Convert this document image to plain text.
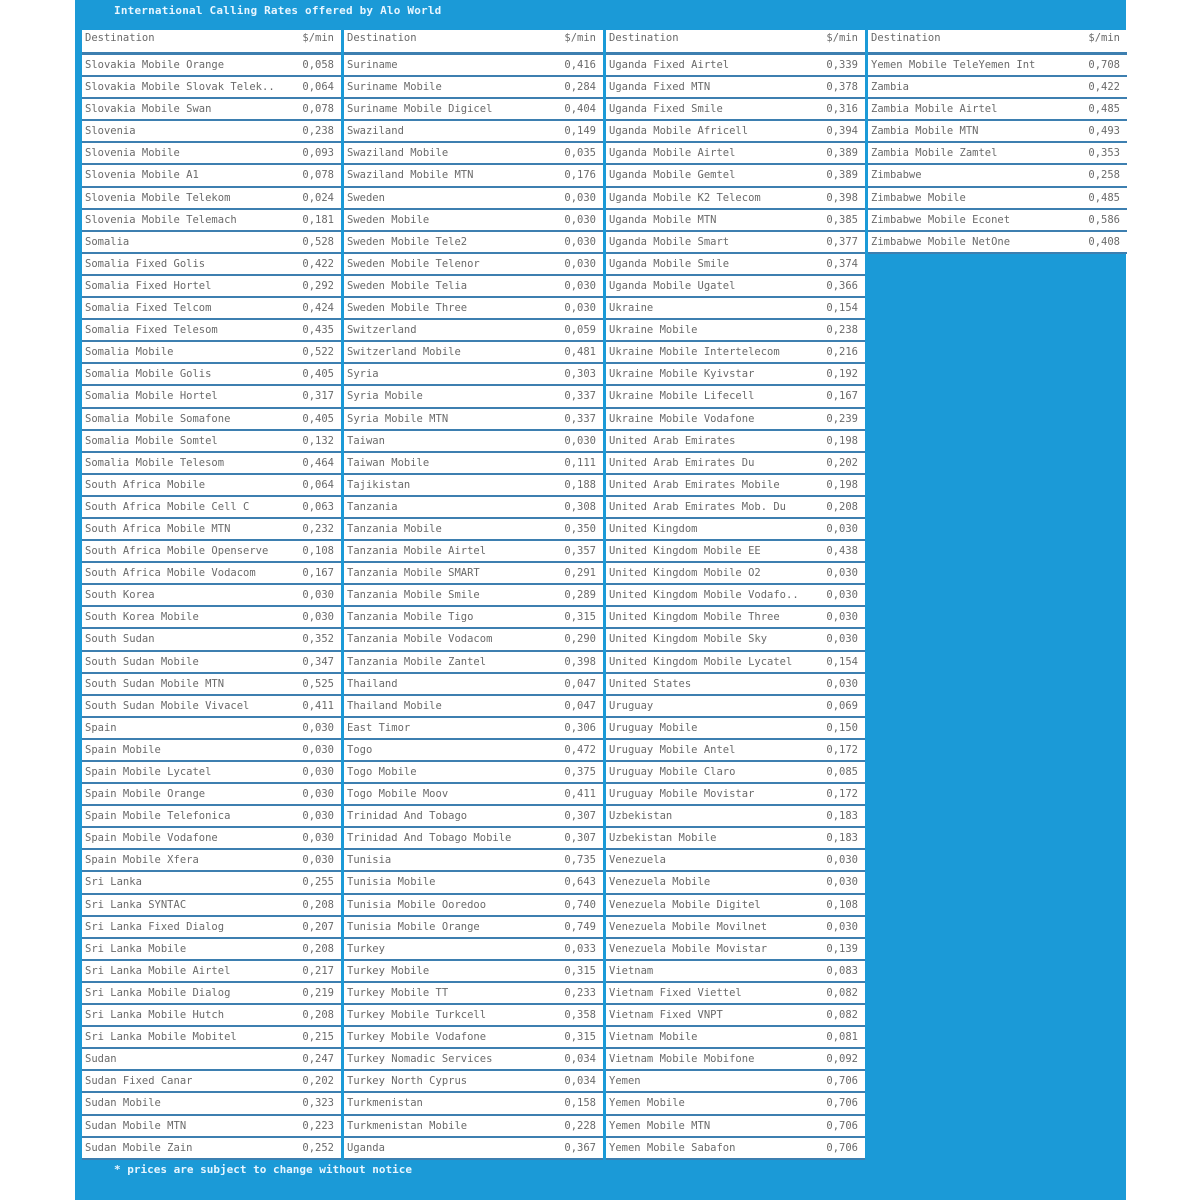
International Calling Rates offered by Alo World
Destination	$/min
Slovakia Mobile Orange	0,058
Slovakia Mobile Slovak Telek..	0,064
Slovakia Mobile Swan	0,078
Slovenia	0,238
Slovenia Mobile	0,093
Slovenia Mobile A1	0,078
Slovenia Mobile Telekom	0,024
Slovenia Mobile Telemach	0,181
Somalia	0,528
Somalia Fixed Golis	0,422
Somalia Fixed Hortel	0,292
Somalia Fixed Telcom	0,424
Somalia Fixed Telesom	0,435
Somalia Mobile	0,522
Somalia Mobile Golis	0,405
Somalia Mobile Hortel	0,317
Somalia Mobile Somafone	0,405
Somalia Mobile Somtel	0,132
Somalia Mobile Telesom	0,464
South Africa Mobile	0,064
South Africa Mobile Cell C	0,063
South Africa Mobile MTN	0,232
South Africa Mobile Openserve	0,108
South Africa Mobile Vodacom	0,167
South Korea	0,030
South Korea Mobile	0,030
South Sudan	0,352
South Sudan Mobile	0,347
South Sudan Mobile MTN	0,525
South Sudan Mobile Vivacel	0,411
Spain	0,030
Spain Mobile	0,030
Spain Mobile Lycatel	0,030
Spain Mobile Orange	0,030
Spain Mobile Telefonica	0,030
Spain Mobile Vodafone	0,030
Spain Mobile Xfera	0,030
Sri Lanka	0,255
Sri Lanka SYNTAC	0,208
Sri Lanka Fixed Dialog	0,207
Sri Lanka Mobile	0,208
Sri Lanka Mobile Airtel	0,217
Sri Lanka Mobile Dialog	0,219
Sri Lanka Mobile Hutch	0,208
Sri Lanka Mobile Mobitel	0,215
Sudan	0,247
Sudan Fixed Canar	0,202
Sudan Mobile	0,323
Sudan Mobile MTN	0,223
Sudan Mobile Zain	0,252
Destination	$/min
Suriname	0,416
Suriname Mobile	0,284
Suriname Mobile Digicel	0,404
Swaziland	0,149
Swaziland Mobile	0,035
Swaziland Mobile MTN	0,176
Sweden	0,030
Sweden Mobile	0,030
Sweden Mobile Tele2	0,030
Sweden Mobile Telenor	0,030
Sweden Mobile Telia	0,030
Sweden Mobile Three	0,030
Switzerland	0,059
Switzerland Mobile	0,481
Syria	0,303
Syria Mobile	0,337
Syria Mobile MTN	0,337
Taiwan	0,030
Taiwan Mobile	0,111
Tajikistan	0,188
Tanzania	0,308
Tanzania Mobile	0,350
Tanzania Mobile Airtel	0,357
Tanzania Mobile SMART	0,291
Tanzania Mobile Smile	0,289
Tanzania Mobile Tigo	0,315
Tanzania Mobile Vodacom	0,290
Tanzania Mobile Zantel	0,398
Thailand	0,047
Thailand Mobile	0,047
East Timor	0,306
Togo	0,472
Togo Mobile	0,375
Togo Mobile Moov	0,411
Trinidad And Tobago	0,307
Trinidad And Tobago Mobile	0,307
Tunisia	0,735
Tunisia Mobile	0,643
Tunisia Mobile Ooredoo	0,740
Tunisia Mobile Orange	0,749
Turkey	0,033
Turkey Mobile	0,315
Turkey Mobile TT	0,233
Turkey Mobile Turkcell	0,358
Turkey Mobile Vodafone	0,315
Turkey Nomadic Services	0,034
Turkey North Cyprus	0,034
Turkmenistan	0,158
Turkmenistan Mobile	0,228
Uganda	0,367
Destination	$/min
Uganda Fixed Airtel	0,339
Uganda Fixed MTN	0,378
Uganda Fixed Smile	0,316
Uganda Mobile Africell	0,394
Uganda Mobile Airtel	0,389
Uganda Mobile Gemtel	0,389
Uganda Mobile K2 Telecom	0,398
Uganda Mobile MTN	0,385
Uganda Mobile Smart	0,377
Uganda Mobile Smile	0,374
Uganda Mobile Ugatel	0,366
Ukraine	0,154
Ukraine Mobile	0,238
Ukraine Mobile Intertelecom	0,216
Ukraine Mobile Kyivstar	0,192
Ukraine Mobile Lifecell	0,167
Ukraine Mobile Vodafone	0,239
United Arab Emirates	0,198
United Arab Emirates Du	0,202
United Arab Emirates Mobile	0,198
United Arab Emirates Mob. Du	0,208
United Kingdom	0,030
United Kingdom Mobile EE	0,438
United Kingdom Mobile O2	0,030
United Kingdom Mobile Vodafo..	0,030
United Kingdom Mobile Three	0,030
United Kingdom Mobile Sky	0,030
United Kingdom Mobile Lycatel	0,154
United States	0,030
Uruguay	0,069
Uruguay Mobile	0,150
Uruguay Mobile Antel	0,172
Uruguay Mobile Claro	0,085
Uruguay Mobile Movistar	0,172
Uzbekistan	0,183
Uzbekistan Mobile	0,183
Venezuela	0,030
Venezuela Mobile	0,030
Venezuela Mobile Digitel	0,108
Venezuela Mobile Movilnet	0,030
Venezuela Mobile Movistar	0,139
Vietnam	0,083
Vietnam Fixed Viettel	0,082
Vietnam Fixed VNPT	0,082
Vietnam Mobile	0,081
Vietnam Mobile Mobifone	0,092
Yemen	0,706
Yemen Mobile	0,706
Yemen Mobile MTN	0,706
Yemen Mobile Sabafon	0,706
Destination	$/min
Yemen Mobile TeleYemen Int	0,708
Zambia	0,422
Zambia Mobile Airtel	0,485
Zambia Mobile MTN	0,493
Zambia Mobile Zamtel	0,353
Zimbabwe	0,258
Zimbabwe Mobile	0,485
Zimbabwe Mobile Econet	0,586
Zimbabwe Mobile NetOne	0,408
* prices are subject to change without notice
